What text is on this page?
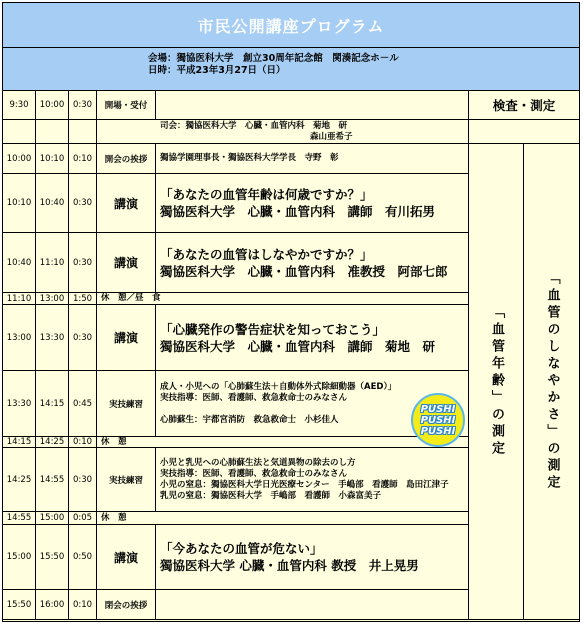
市民公開講座プログラム
会場：獨協医科大学　創立30周年記念館　関湊記念ホ－ル
日時：平成23年3月27日（日）
9:30	10:00	0:30	開場・受付
司会：獨協医科大学　心臓・血管内科　菊地　研
森山亜希子
10:00	10:10	0:10	開会の挨拶	獨協学園理事長・獨協医科大学学長　寺野　彰
10:10	10:40	0:30	講演
「あなたの血管年齢は何歳ですか？」
獨協医科大学　心臓・血管内科　講師　有川拓男
10:40	11:10	0:30	講演
「あなたの血管はしなやかですか？」
獨協医科大学　心臓・血管内科　准教授　阿部七郎
11:10	13:00	1:50	休　憩／昼　食
13:00	13:30	0:30	講演
「心臓発作の警告症状を知っておこう」
獨協医科大学　心臓・血管内科　講師　菊地　研
13:30	14:15	0:45	実技練習
成人・小児への「心肺蘇生法＋自動体外式除細動器（AED）」
実技指導：医師、看護師、救急救命士のみなさん
心肺蘇生：宇都宮消防　救急救命士　小杉佳人
14:15	14:25	0:10	休　憩
14:25	14:55	0:30	実技練習
小児と乳児への心肺蘇生法と気道異物の除去のし方
実技指導：医師、看護師、救急救命士のみなさん
小児の窒息：獨協医科大学日光医療センター　手嶋部　看護師　島田江津子
乳児の窒息：獨協医科大学　手嶋部　看護師　小森富美子
14:55	15:00	0:05	休　憩
15:00	15:50	0:50	講演
「今あなたの血管が危ない」
獨協医科大学 心臓・血管内科 教授　井上晃男
15:50	16:00	0:10	閉会の挨拶
検査・測定
「血管年齢」の測定	「血管のしなやかさ」の測定
PUSHI
PUSHI
PUSHI
